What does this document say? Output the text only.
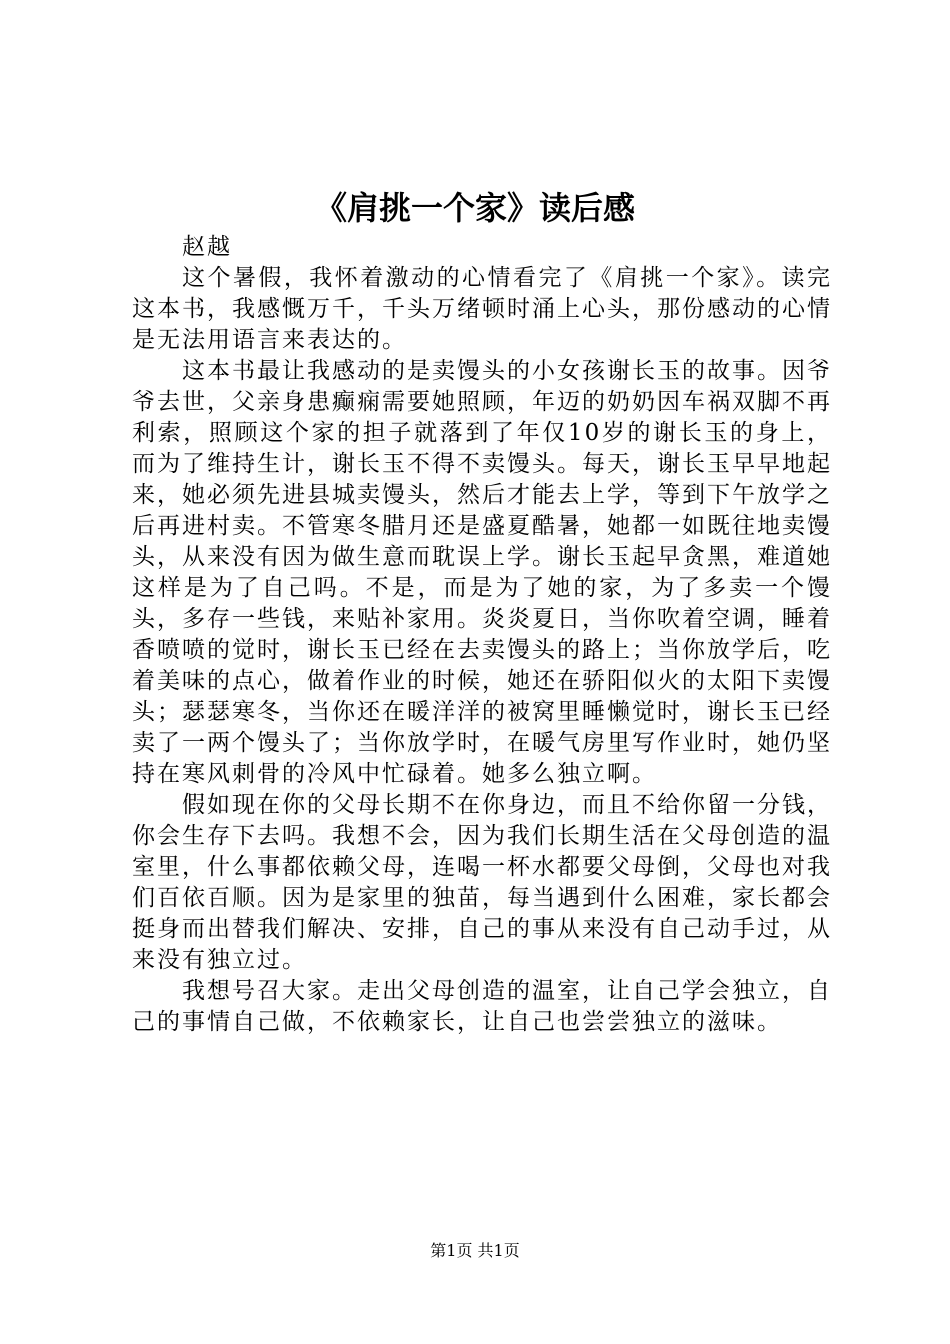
《肩挑一个家》读后感

赵越

这个暑假，我怀着激动的心情看完了《肩挑一个家》。读完这本书，我感慨万千，千头万绪顿时涌上心头，那份感动的心情是无法用语言来表达的。

这本书最让我感动的是卖馒头的小女孩谢长玉的故事。因爷爷去世，父亲身患癫痫需要她照顾，年迈的奶奶因车祸双脚不再利索，照顾这个家的担子就落到了年仅10岁的谢长玉的身上，而为了维持生计，谢长玉不得不卖馒头。每天，谢长玉早早地起来，她必须先进县城卖馒头，然后才能去上学，等到下午放学之后再进村卖。不管寒冬腊月还是盛夏酷暑，她都一如既往地卖馒头，从来没有因为做生意而耽误上学。谢长玉起早贪黑，难道她这样是为了自己吗。不是，而是为了她的家，为了多卖一个馒头，多存一些钱，来贴补家用。炎炎夏日，当你吹着空调，睡着香喷喷的觉时，谢长玉已经在去卖馒头的路上；当你放学后，吃着美味的点心，做着作业的时候，她还在骄阳似火的太阳下卖馒头；瑟瑟寒冬，当你还在暖洋洋的被窝里睡懒觉时，谢长玉已经卖了一两个馒头了；当你放学时，在暖气房里写作业时，她仍坚持在寒风刺骨的冷风中忙碌着。她多么独立啊。

假如现在你的父母长期不在你身边，而且不给你留一分钱，你会生存下去吗。我想不会，因为我们长期生活在父母创造的温室里，什么事都依赖父母，连喝一杯水都要父母倒，父母也对我们百依百顺。因为是家里的独苗，每当遇到什么困难，家长都会挺身而出替我们解决、安排，自己的事从来没有自己动手过，从来没有独立过。

我想号召大家。走出父母创造的温室，让自己学会独立，自己的事情自己做，不依赖家长，让自己也尝尝独立的滋味。

第1页 共1页
